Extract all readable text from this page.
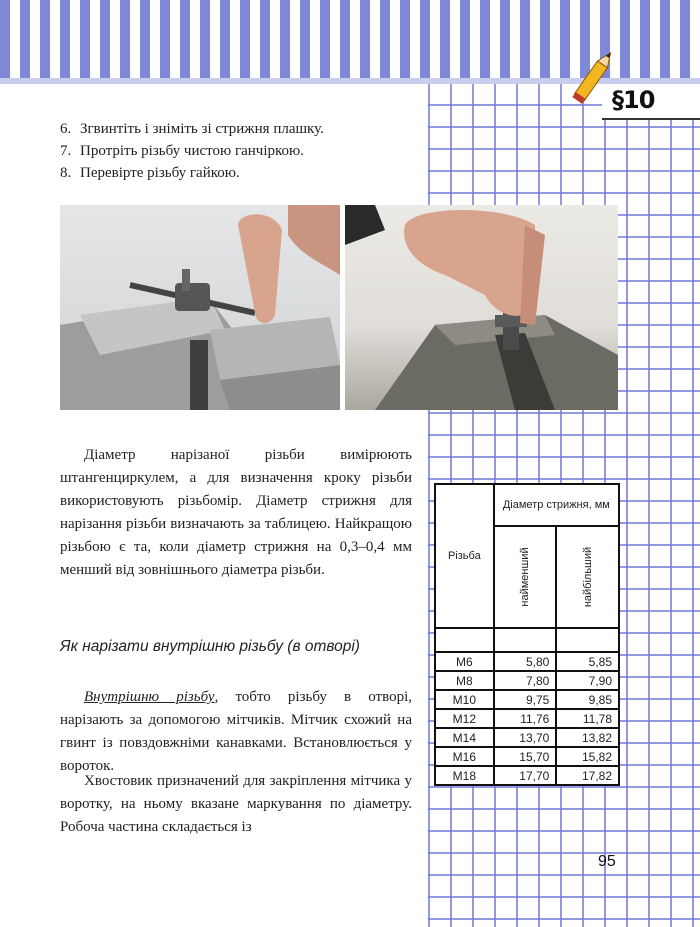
§10
6. Згвинтіть і зніміть зі стрижня плашку.
7. Протріть різьбу чистою ганчіркою.
8. Перевірте різьбу гайкою.

Діаметр нарізаної різьби вимірюють штангенциркулем, а для визначення кроку різьби використовують різьбомір. Діаметр стрижня для нарізання різьби визначають за таблицею. Найкращою різьбою є та, коли діаметр стрижня на 0,3–0,4 мм менший від зовнішнього діаметра різьби.

Як нарізати внутрішню різьбу (в отворі)

Внутрішню різьбу, тобто різьбу в отворі, нарізають за допомогою мітчиків. Мітчик схожий на гвинт із повздовжніми канавками. Встановлюється у вороток.

Хвостовик призначений для закріплення мітчика у воротку, на ньому вказане маркування по діаметру. Робоча частина складається із

Різьба	Діаметр стрижня, мм	

	найменший	найбільший

М6	5,80	5,85
М8	7,80	7,90
М10	9,75	9,85
М12	11,76	11,78
М14	13,70	13,82
М16	15,70	15,82
М18	17,70	17,82
95
